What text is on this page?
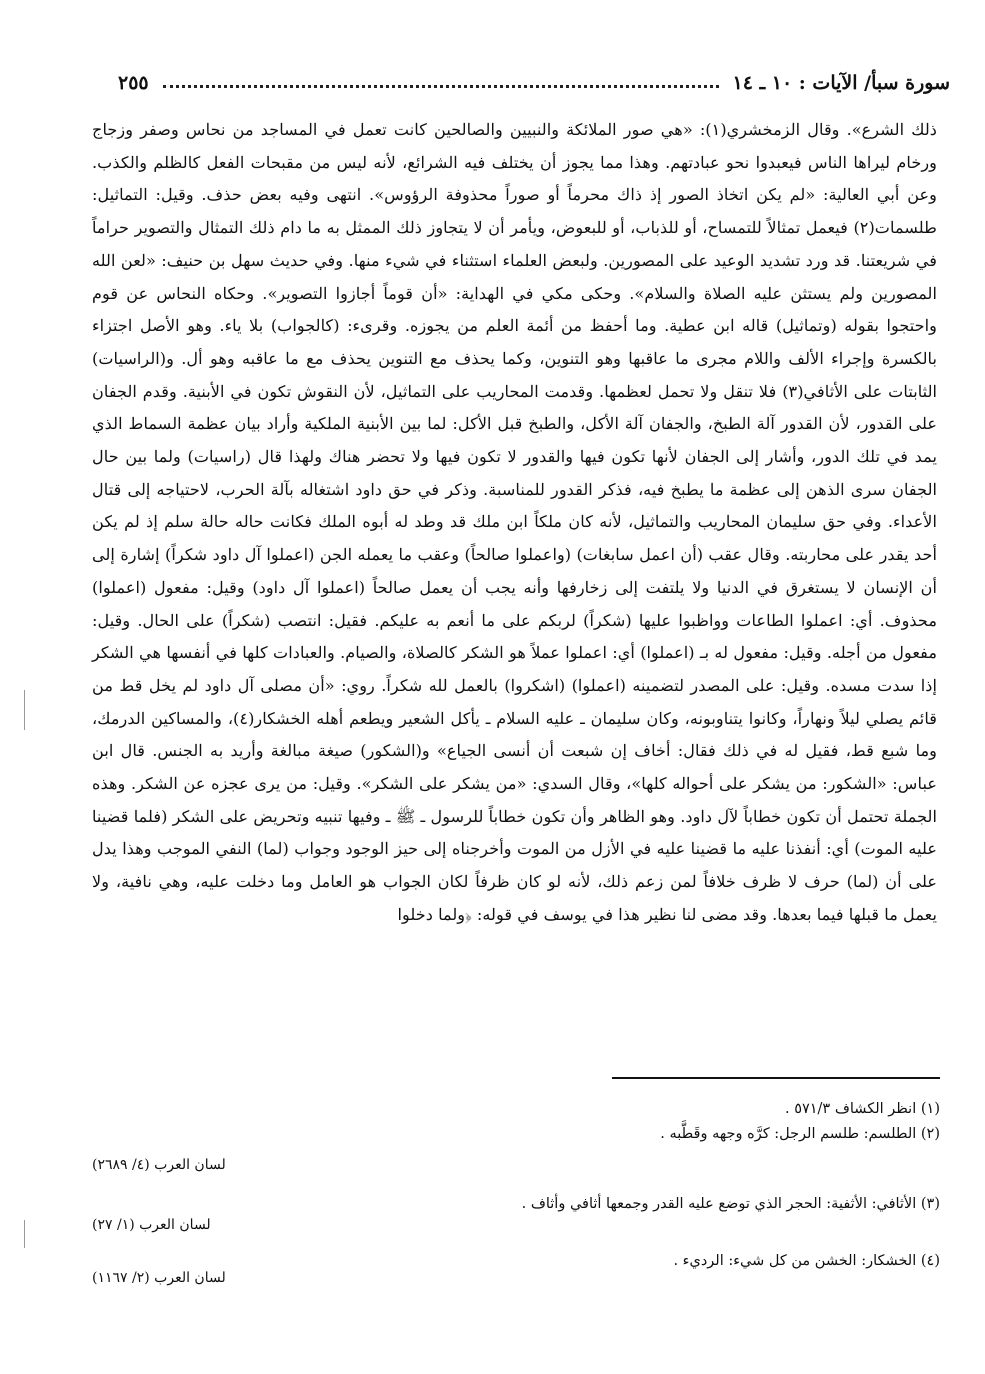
سورة سبأ/ الآيات : ١٠ ـ ١٤
٢٥٥

ذلك الشرع». وقال الزمخشري(١): «هي صور الملائكة والنبيين والصالحين كانت تعمل في المساجد من نحاس وصفر وزجاج ورخام ليراها الناس فيعبدوا نحو عبادتهم. وهذا مما يجوز أن يختلف فيه الشرائع، لأنه ليس من مقبحات الفعل كالظلم والكذب. وعن أبي العالية: «لم يكن اتخاذ الصور إذ ذاك محرماً أو صوراً محذوفة الرؤوس». انتهى وفيه بعض حذف. وقيل: التماثيل: طلسمات(٢) فيعمل تمثالاً للتمساح، أو للذباب، أو للبعوض، ويأمر أن لا يتجاوز ذلك الممثل به ما دام ذلك التمثال والتصوير حراماً في شريعتنا. قد ورد تشديد الوعيد على المصورين. ولبعض العلماء استثناء في شيء منها. وفي حديث سهل بن حنيف: «لعن الله المصورين ولم يستثن عليه الصلاة والسلام». وحكى مكي في الهداية: «أن قوماً أجازوا التصوير». وحكاه النحاس عن قوم واحتجوا بقوله (وتماثيل) قاله ابن عطية. وما أحفظ من أئمة العلم من يجوزه. وقرىء: (كالجواب) بلا ياء. وهو الأصل اجتزاء بالكسرة وإجراء الألف واللام مجرى ما عاقبها وهو التنوين، وكما يحذف مع التنوين يحذف مع ما عاقبه وهو أل. و(الراسيات) الثابتات على الأثافي(٣) فلا تنقل ولا تحمل لعظمها. وقدمت المحاريب على التماثيل، لأن النقوش تكون في الأبنية. وقدم الجفان على القدور، لأن القدور آلة الطبخ، والجفان آلة الأكل، والطبخ قبل الأكل: لما بين الأبنية الملكية وأراد بيان عظمة السماط الذي يمد في تلك الدور، وأشار إلى الجفان لأنها تكون فيها والقدور لا تكون فيها ولا تحضر هناك ولهذا قال (راسيات) ولما بين حال الجفان سرى الذهن إلى عظمة ما يطبخ فيه، فذكر القدور للمناسبة. وذكر في حق داود اشتغاله بآلة الحرب، لاحتياجه إلى قتال الأعداء. وفي حق سليمان المحاريب والتماثيل، لأنه كان ملكاً ابن ملك قد وطد له أبوه الملك فكانت حاله حالة سلم إذ لم يكن أحد يقدر على محاربته. وقال عقب (أن اعمل سابغات) (واعملوا صالحاً) وعقب ما يعمله الجن (اعملوا آل داود شكراً) إشارة إلى أن الإنسان لا يستغرق في الدنيا ولا يلتفت إلى زخارفها وأنه يجب أن يعمل صالحاً (اعملوا آل داود) وقيل: مفعول (اعملوا) محذوف. أي: اعملوا الطاعات وواظبوا عليها (شكراً) لربكم على ما أنعم به عليكم. فقيل: انتصب (شكراً) على الحال. وقيل: مفعول من أجله. وقيل: مفعول له بـ (اعملوا) أي: اعملوا عملاً هو الشكر كالصلاة، والصيام. والعبادات كلها في أنفسها هي الشكر إذا سدت مسده. وقيل: على المصدر لتضمينه (اعملوا) (اشكروا) بالعمل لله شكراً. روي: «أن مصلى آل داود لم يخل قط من قائم يصلي ليلاً ونهاراً، وكانوا يتناوبونه، وكان سليمان ـ عليه السلام ـ يأكل الشعير ويطعم أهله الخشكار(٤)، والمساكين الدرمك، وما شبع قط، فقيل له في ذلك فقال: أخاف إن شبعت أن أنسى الجياع» و(الشكور) صيغة مبالغة وأريد به الجنس. قال ابن عباس: «الشكور: من يشكر على أحواله كلها»، وقال السدي: «من يشكر على الشكر». وقيل: من يرى عجزه عن الشكر. وهذه الجملة تحتمل أن تكون خطاباً لآل داود. وهو الظاهر وأن تكون خطاباً للرسول ـ ﷺ ـ وفيها تنبيه وتحريض على الشكر (فلما قضينا عليه الموت) أي: أنفذنا عليه ما قضينا عليه في الأزل من الموت وأخرجناه إلى حيز الوجود وجواب (لما) النفي الموجب وهذا يدل على أن (لما) حرف لا ظرف خلافاً لمن زعم ذلك، لأنه لو كان ظرفاً لكان الجواب هو العامل وما دخلت عليه، وهي نافية، ولا يعمل ما قبلها فيما بعدها. وقد مضى لنا نظير هذا في يوسف في قوله: ﴿ولما دخلوا

(١) انظر الكشاف ٥٧١/٣ .
(٢) الطلسم: طلسم الرجل: كرَّه وجهه وقَطَّبه .
(٣) الأثافي: الأثفية: الحجر الذي توضع عليه القدر وجمعها أثافي وأثاف .
(٤) الخشكار: الخشن من كل شيء: الرديء .
لسان العرب (٤/ ٢٦٨٩)
لسان العرب (١/ ٢٧)
لسان العرب (٢/ ١١٦٧)
